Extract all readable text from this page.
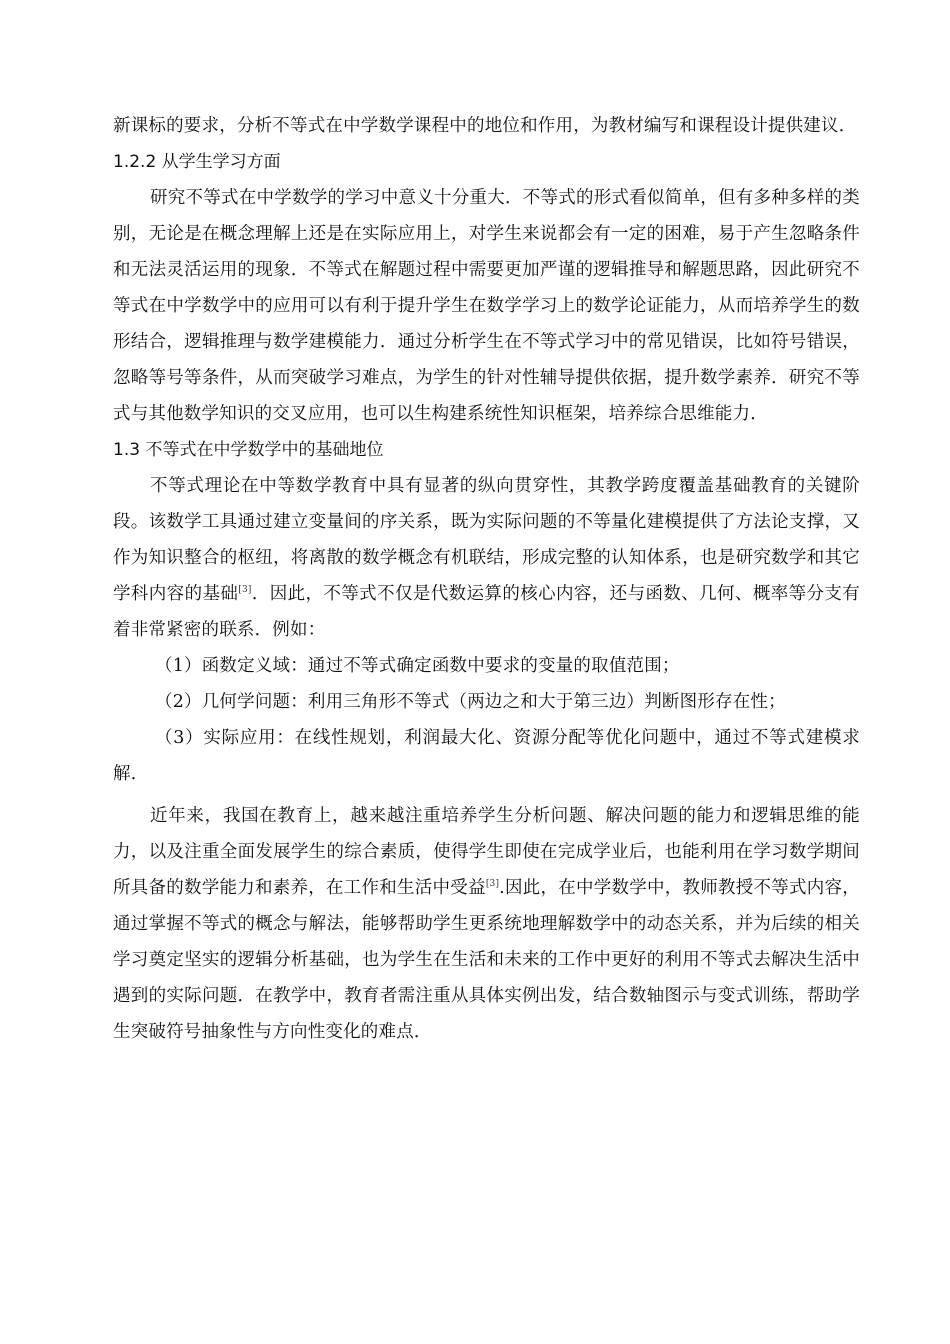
新课标的要求，分析不等式在中学数学课程中的地位和作用，为教材编写和课程设计提供建议．

1.2.2 从学生学习方面

研究不等式在中学数学的学习中意义十分重大．不等式的形式看似简单，但有多种多样的类别，无论是在概念理解上还是在实际应用上，对学生来说都会有一定的困难，易于产生忽略条件和无法灵活运用的现象．不等式在解题过程中需要更加严谨的逻辑推导和解题思路，因此研究不等式在中学数学中的应用可以有利于提升学生在数学学习上的数学论证能力，从而培养学生的数形结合，逻辑推理与数学建模能力．通过分析学生在不等式学习中的常见错误，比如符号错误，忽略等号等条件，从而突破学习难点，为学生的针对性辅导提供依据，提升数学素养．研究不等式与其他数学知识的交叉应用，也可以生构建系统性知识框架，培养综合思维能力．

1.3 不等式在中学数学中的基础地位

不等式理论在中等数学教育中具有显著的纵向贯穿性，其教学跨度覆盖基础教育的关键阶段。该数学工具通过建立变量间的序关系，既为实际问题的不等量化建模提供了方法论支撑，又作为知识整合的枢纽，将离散的数学概念有机联结，形成完整的认知体系，也是研究数学和其它学科内容的基础[3]．因此，不等式不仅是代数运算的核心内容，还与函数、几何、概率等分支有着非常紧密的联系．例如：

（1）函数定义域：通过不等式确定函数中要求的变量的取值范围；

（2）几何学问题：利用三角形不等式（两边之和大于第三边）判断图形存在性；

（3）实际应用：在线性规划，利润最大化、资源分配等优化问题中，通过不等式建模求解．

近年来，我国在教育上，越来越注重培养学生分析问题、解决问题的能力和逻辑思维的能力，以及注重全面发展学生的综合素质，使得学生即使在完成学业后，也能利用在学习数学期间所具备的数学能力和素养，在工作和生活中受益[3].因此，在中学数学中，教师教授不等式内容，通过掌握不等式的概念与解法，能够帮助学生更系统地理解数学中的动态关系，并为后续的相关学习奠定坚实的逻辑分析基础，也为学生在生活和未来的工作中更好的利用不等式去解决生活中遇到的实际问题．在教学中，教育者需注重从具体实例出发，结合数轴图示与变式训练，帮助学生突破符号抽象性与方向性变化的难点．
